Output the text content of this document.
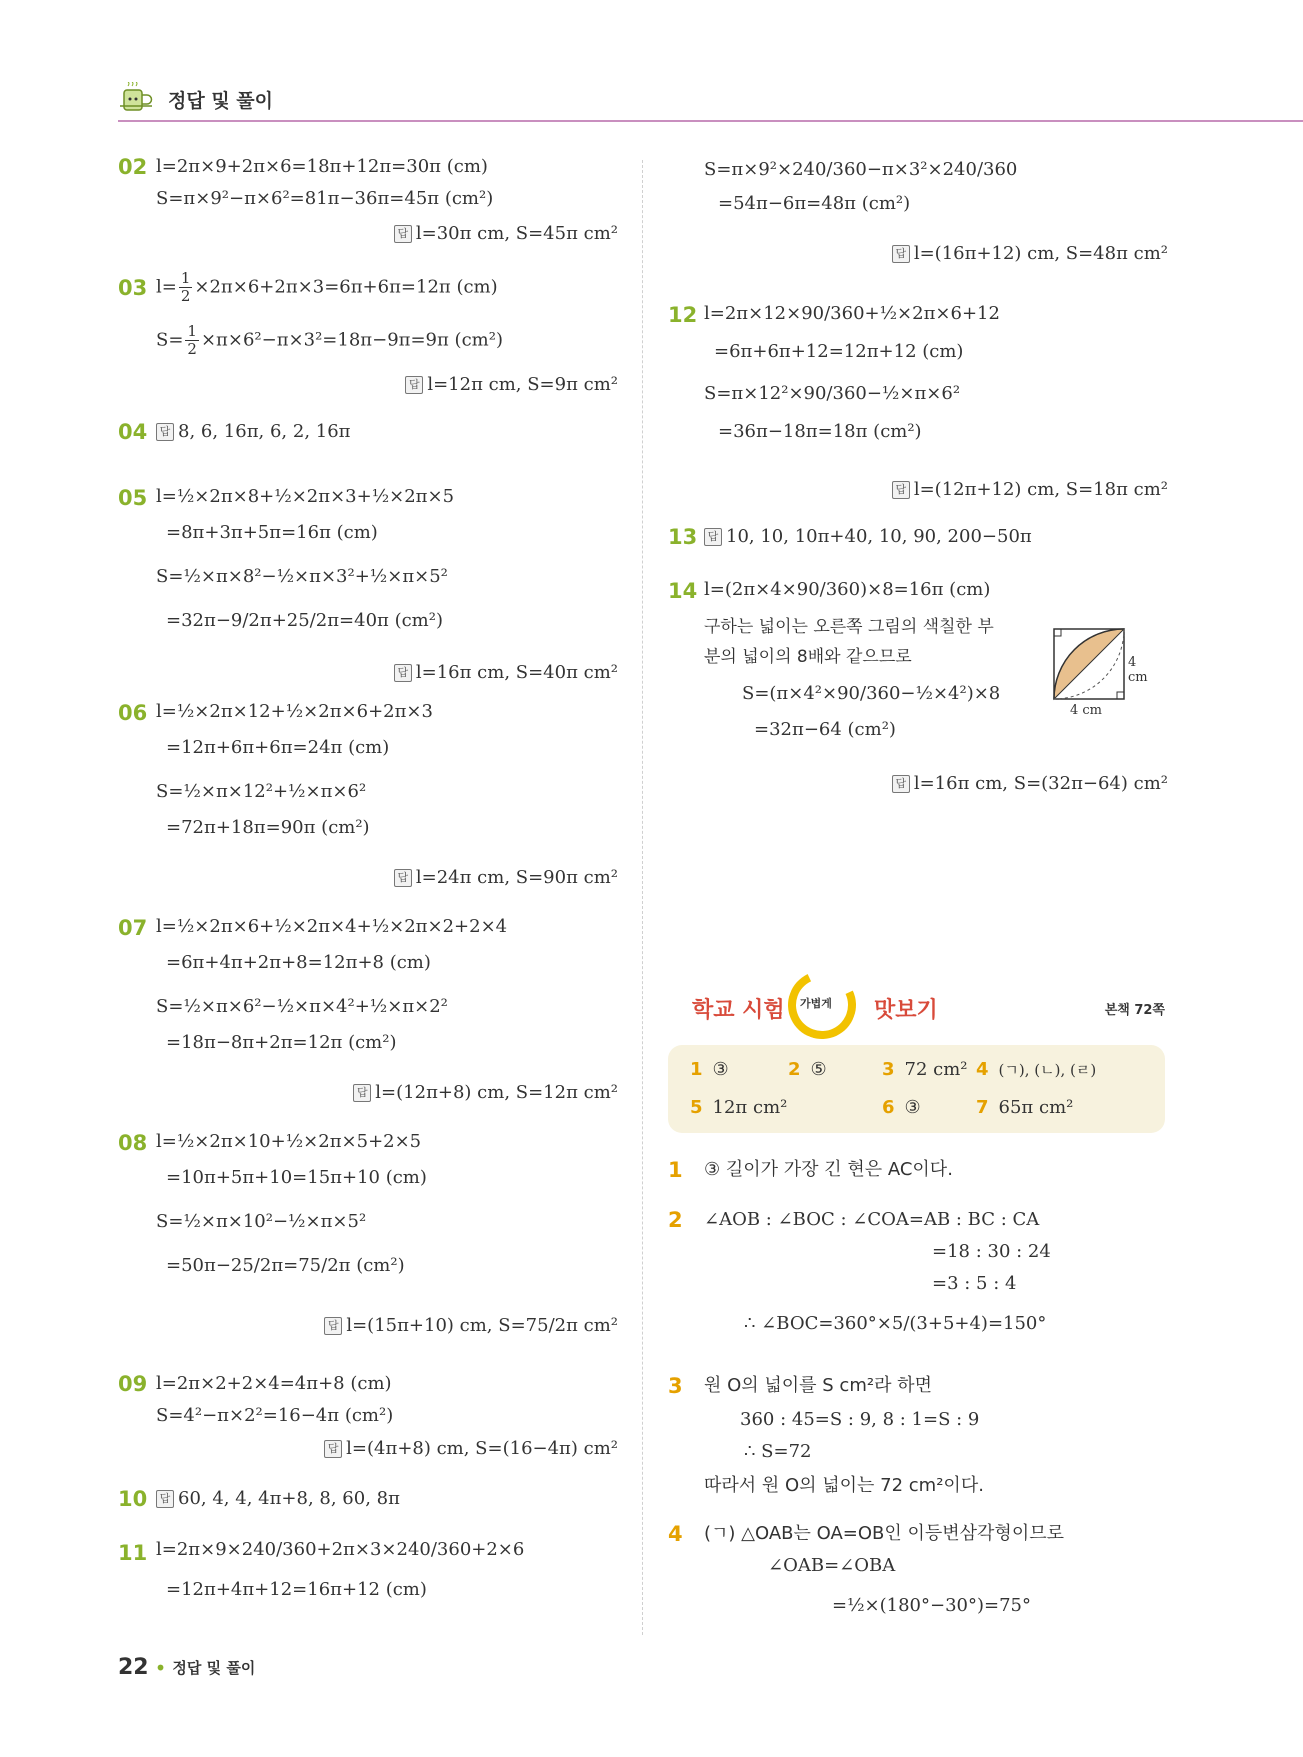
정답 및 풀이
02 l=2π×9+2π×6=18π+12π=30π (cm)
S=π×9²−π×6²=81π−36π=45π (cm²)
답 l=30π cm, S=45π cm²
03 $l= \frac{1}{2} \times 2\pi\times 6+2\pi\times 3=6\pi+6\pi=12\pi$ (cm)
$S= \frac{1}{2} \times\pi\times 6^2-\pi\times 3^2=18\pi-9\pi=9\pi$ (cm²)
답 l=12π cm, S=9π cm²
04	답 8, 6, 16π, 6, 2, 16π
05 l=½×2π×8+½×2π×3+½×2π×5
=8π+3π+5π=16π (cm)
S=½×π×8²−½×π×3²+½×π×5²
=32π−9/2π+25/2π=40π (cm²)
답 l=16π cm, S=40π cm²
06 l=½×2π×12+½×2π×6+2π×3
=12π+6π+6π=24π (cm)
S=½×π×12²+½×π×6²
=72π+18π=90π (cm²)
답 l=24π cm, S=90π cm²
07 l=½×2π×6+½×2π×4+½×2π×2+2×4
=6π+4π+2π+8=12π+8 (cm)
S=½×π×6²−½×π×4²+½×π×2²
=18π−8π+2π=12π (cm²)
답 l=(12π+8) cm, S=12π cm²
08 l=½×2π×10+½×2π×5+2×5
=10π+5π+10=15π+10 (cm)
S=½×π×10²−½×π×5²
=50π−25/2π=75/2π (cm²)
답 l=(15π+10) cm, S=75/2π cm²
09 l=2π×2+2×4=4π+8 (cm)
S=4²−π×2²=16−4π (cm²)
답 l=(4π+8) cm, S=(16−4π) cm²
10	답 60, 4, 4, 4π+8, 8, 60, 8π
11 l=2π×9×240/360+2π×3×240/360+2×6
=12π+4π+12=16π+12 (cm)
S=π×9²×240/360−π×3²×240/360
=54π−6π=48π (cm²)
답 l=(16π+12) cm, S=48π cm²
12 l=2π×12×90/360+½×2π×6+12
=6π+6π+12=12π+12 (cm)
S=π×12²×90/360−½×π×6²
=36π−18π=18π (cm²)
답 l=(12π+12) cm, S=18π cm²
13 답 10, 10, 10π+40, 10, 90, 200−50π
14 l=(2π×4×90/360)×8=16π (cm)
구하는 넓이는 오른쪽 그림의 색칠한 부
분의 넓이의 8배와 같으므로
S=(π×4²×90/360−½×4²)×8
=32π−64 (cm²)
4 cm
4 cm
답 l=16π cm, S=(32π−64) cm²
학교 시험 가볍게 맛보기	본책 72쪽
1 ③	2 ⑤	3 72 cm² 4 (ㄱ), (ㄴ), (ㄹ)
5 12π cm²	6 ③	7 65π cm²
1 ③ 길이가 가장 긴 현은 AC이다.
2 ∠AOB : ∠BOC : ∠COA=AB : BC : CA
=18 : 30 : 24
=3 : 5 : 4
∴ ∠BOC=360°×5/(3+5+4)=150°
3 원 O의 넓이를 S cm²라 하면
360 : 45=S : 9, 8 : 1=S : 9
∴ S=72
따라서 원 O의 넓이는 72 cm²이다.
4 (ㄱ) △OAB는 OA=OB인 이등변삼각형이므로
∠OAB=∠OBA
=½×(180°−30°)=75°
22 • 정답 및 풀이
